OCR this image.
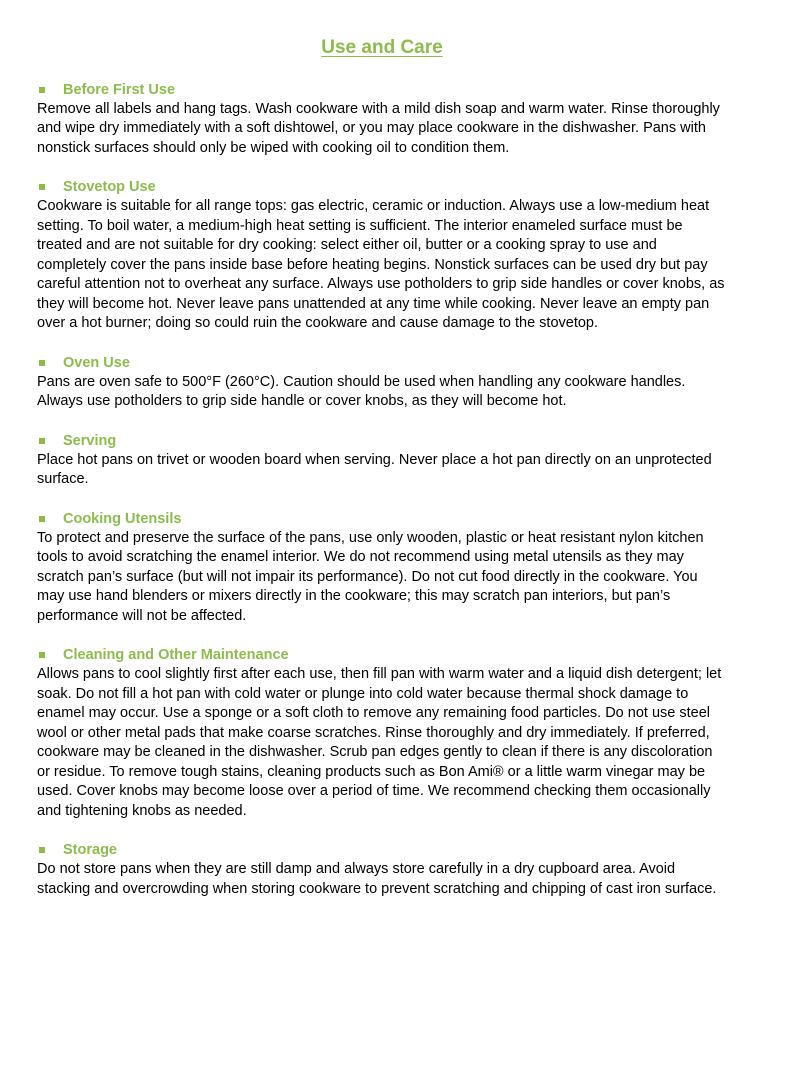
Use and Care
Before First Use

Remove all labels and hang tags. Wash cookware with a mild dish soap and warm water. Rinse thoroughly and wipe dry immediately with a soft dishtowel, or you may place cookware in the dishwasher. Pans with nonstick surfaces should only be wiped with cooking oil to condition them.

Stovetop Use

Cookware is suitable for all range tops: gas electric, ceramic or induction. Always use a low-medium heat setting. To boil water, a medium-high heat setting is sufficient. The interior enameled surface must be treated and are not suitable for dry cooking: select either oil, butter or a cooking spray to use and completely cover the pans inside base before heating begins. Nonstick surfaces can be used dry but pay careful attention not to overheat any surface. Always use potholders to grip side handles or cover knobs, as they will become hot. Never leave pans unattended at any time while cooking. Never leave an empty pan over a hot burner; doing so could ruin the cookware and cause damage to the stovetop.

Oven Use

Pans are oven safe to 500°F (260°C). Caution should be used when handling any cookware handles. Always use potholders to grip side handle or cover knobs, as they will become hot.

Serving

Place hot pans on trivet or wooden board when serving. Never place a hot pan directly on an unprotected surface.

Cooking Utensils

To protect and preserve the surface of the pans, use only wooden, plastic or heat resistant nylon kitchen tools to avoid scratching the enamel interior. We do not recommend using metal utensils as they may scratch pan’s surface (but will not impair its performance). Do not cut food directly in the cookware. You may use hand blenders or mixers directly in the cookware; this may scratch pan interiors, but pan’s performance will not be affected.

Cleaning and Other Maintenance

Allows pans to cool slightly first after each use, then fill pan with warm water and a liquid dish detergent; let soak. Do not fill a hot pan with cold water or plunge into cold water because thermal shock damage to enamel may occur. Use a sponge or a soft cloth to remove any remaining food particles. Do not use steel wool or other metal pads that make coarse scratches. Rinse thoroughly and dry immediately. If preferred, cookware may be cleaned in the dishwasher. Scrub pan edges gently to clean if there is any discoloration or residue. To remove tough stains, cleaning products such as Bon Ami® or a little warm vinegar may be used. Cover knobs may become loose over a period of time. We recommend checking them occasionally and tightening knobs as needed.

Storage

Do not store pans when they are still damp and always store carefully in a dry cupboard area. Avoid stacking and overcrowding when storing cookware to prevent scratching and chipping of cast iron surface.
